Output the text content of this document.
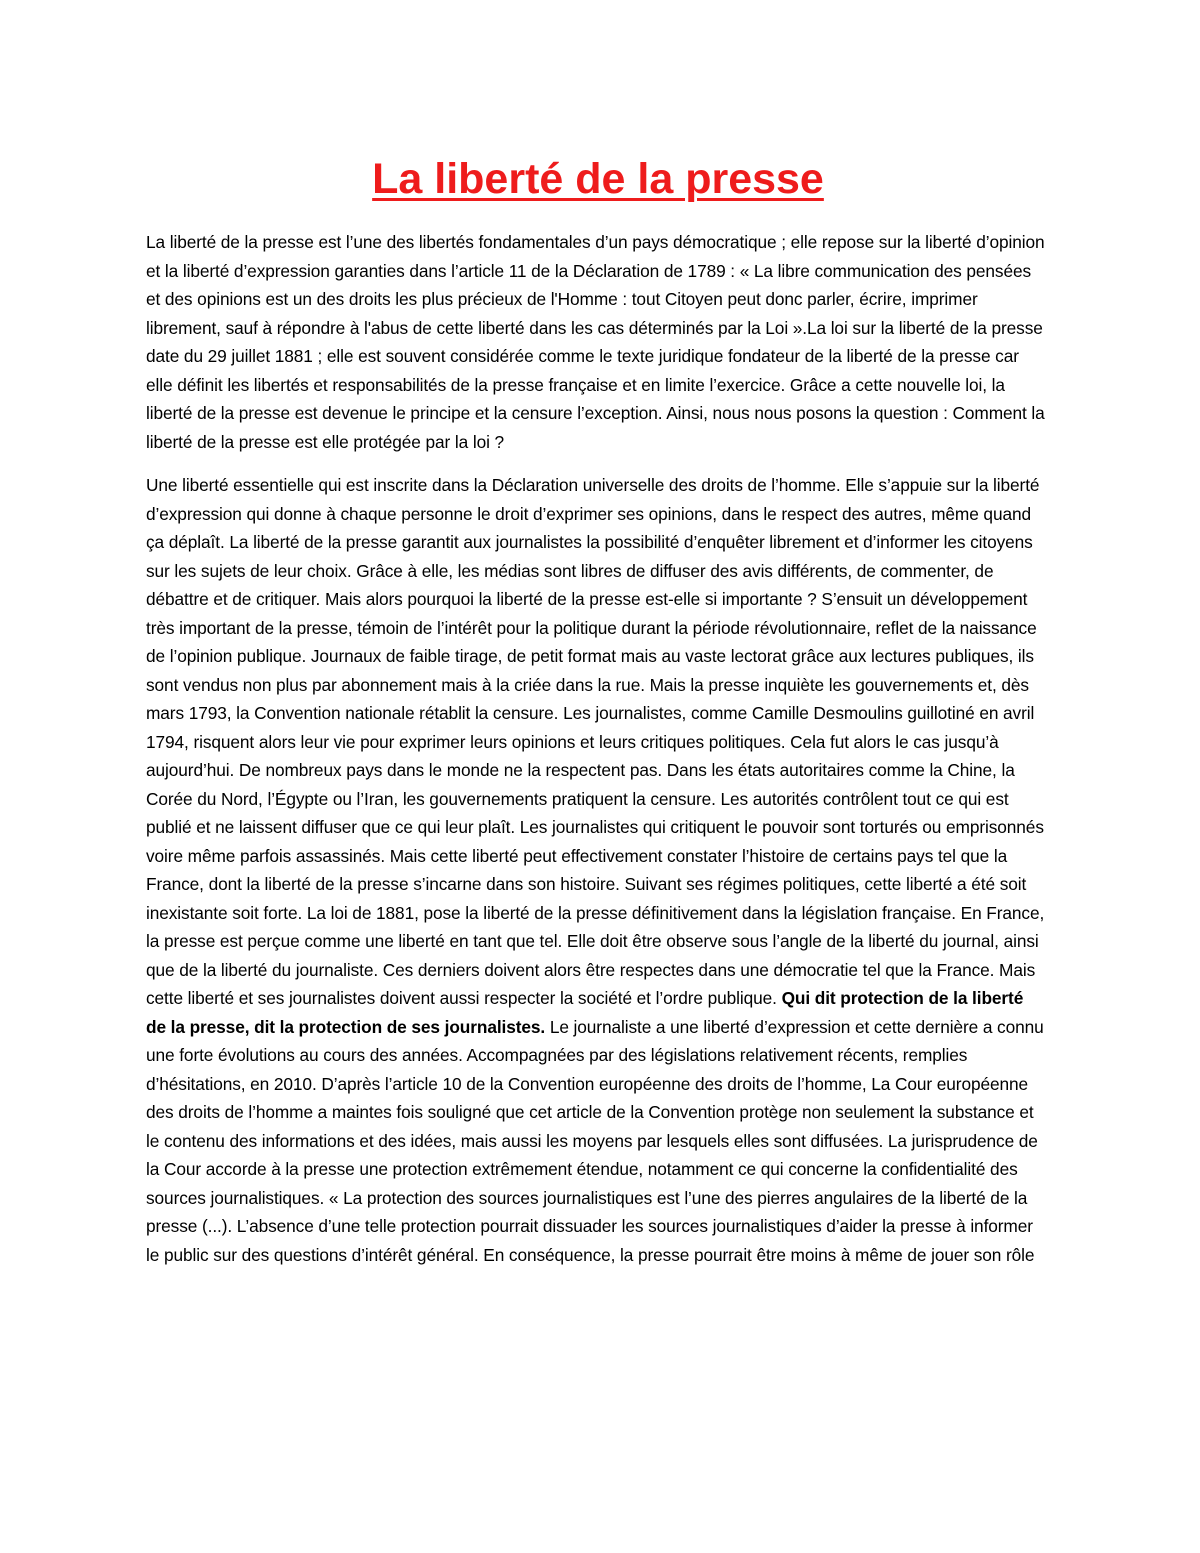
La liberté de la presse

La liberté de la presse est l’une des libertés fondamentales d’un pays démocratique ; elle repose sur la liberté d’opinion et la liberté d’expression garanties dans l’article 11 de la Déclaration de 1789 : « La libre communication des pensées et des opinions est un des droits les plus précieux de l'Homme : tout Citoyen peut donc parler, écrire, imprimer librement, sauf à répondre à l'abus de cette liberté dans les cas déterminés par la Loi ».La loi sur la liberté de la presse date du 29 juillet 1881 ; elle est souvent considérée comme le texte juridique fondateur de la liberté de la presse car elle définit les libertés et responsabilités de la presse française et en limite l’exercice. Grâce a cette nouvelle loi, la liberté de la presse est devenue le principe et la censure l’exception. Ainsi, nous nous posons la question : Comment la liberté de la presse est elle protégée par la loi ?

Une liberté essentielle qui est inscrite dans la Déclaration universelle des droits de l’homme. Elle s’appuie sur la liberté d’expression qui donne à chaque personne le droit d’exprimer ses opinions, dans le respect des autres, même quand ça déplaît. La liberté de la presse garantit aux journalistes la possibilité d’enquêter librement et d’informer les citoyens sur les sujets de leur choix. Grâce à elle, les médias sont libres de diffuser des avis différents, de commenter, de débattre et de critiquer. Mais alors pourquoi la liberté de la presse est-elle si importante ? S’ensuit un développement très important de la presse, témoin de l’intérêt pour la politique durant la période révolutionnaire, reflet de la naissance de l’opinion publique. Journaux de faible tirage, de petit format mais au vaste lectorat grâce aux lectures publiques, ils sont vendus non plus par abonnement mais à la criée dans la rue. Mais la presse inquiète les gouvernements et, dès mars 1793, la Convention nationale rétablit la censure. Les journalistes, comme Camille Desmoulins guillotiné en avril 1794, risquent alors leur vie pour exprimer leurs opinions et leurs critiques politiques. Cela fut alors le cas jusqu’à aujourd’hui. De nombreux pays dans le monde ne la respectent pas. Dans les états autoritaires comme la Chine, la Corée du Nord, l’Égypte ou l’Iran, les gouvernements pratiquent la censure. Les autorités contrôlent tout ce qui est publié et ne laissent diffuser que ce qui leur plaît. Les journalistes qui critiquent le pouvoir sont torturés ou emprisonnés voire même parfois assassinés. Mais cette liberté peut effectivement constater l’histoire de certains pays tel que la France, dont la liberté de la presse s’incarne dans son histoire. Suivant ses régimes politiques, cette liberté a été soit inexistante soit forte. La loi de 1881, pose la liberté de la presse définitivement dans la législation française. En France, la presse est perçue comme une liberté en tant que tel. Elle doit être observe sous l’angle de la liberté du journal, ainsi que de la liberté du journaliste. Ces derniers doivent alors être respectes dans une démocratie tel que la France. Mais cette liberté et ses journalistes doivent aussi respecter la société et l’ordre publique. Qui dit protection de la liberté de la presse, dit la protection de ses journalistes. Le journaliste a une liberté d’expression et cette dernière a connu une forte évolutions au cours des années. Accompagnées par des législations relativement récents, remplies d’hésitations, en 2010. D’après l’article 10 de la Convention européenne des droits de l’homme, La Cour européenne des droits de l’homme a maintes fois souligné que cet article de la Convention protège non seulement la substance et le contenu des informations et des idées, mais aussi les moyens par lesquels elles sont diffusées. La jurisprudence de la Cour accorde à la presse une protection extrêmement étendue, notamment ce qui concerne la confidentialité des sources journalistiques. « La protection des sources journalistiques est l’une des pierres angulaires de la liberté de la presse (...). L’absence d’une telle protection pourrait dissuader les sources journalistiques d’aider la presse à informer le public sur des questions d’intérêt général. En conséquence, la presse pourrait être moins à même de jouer son rôle
